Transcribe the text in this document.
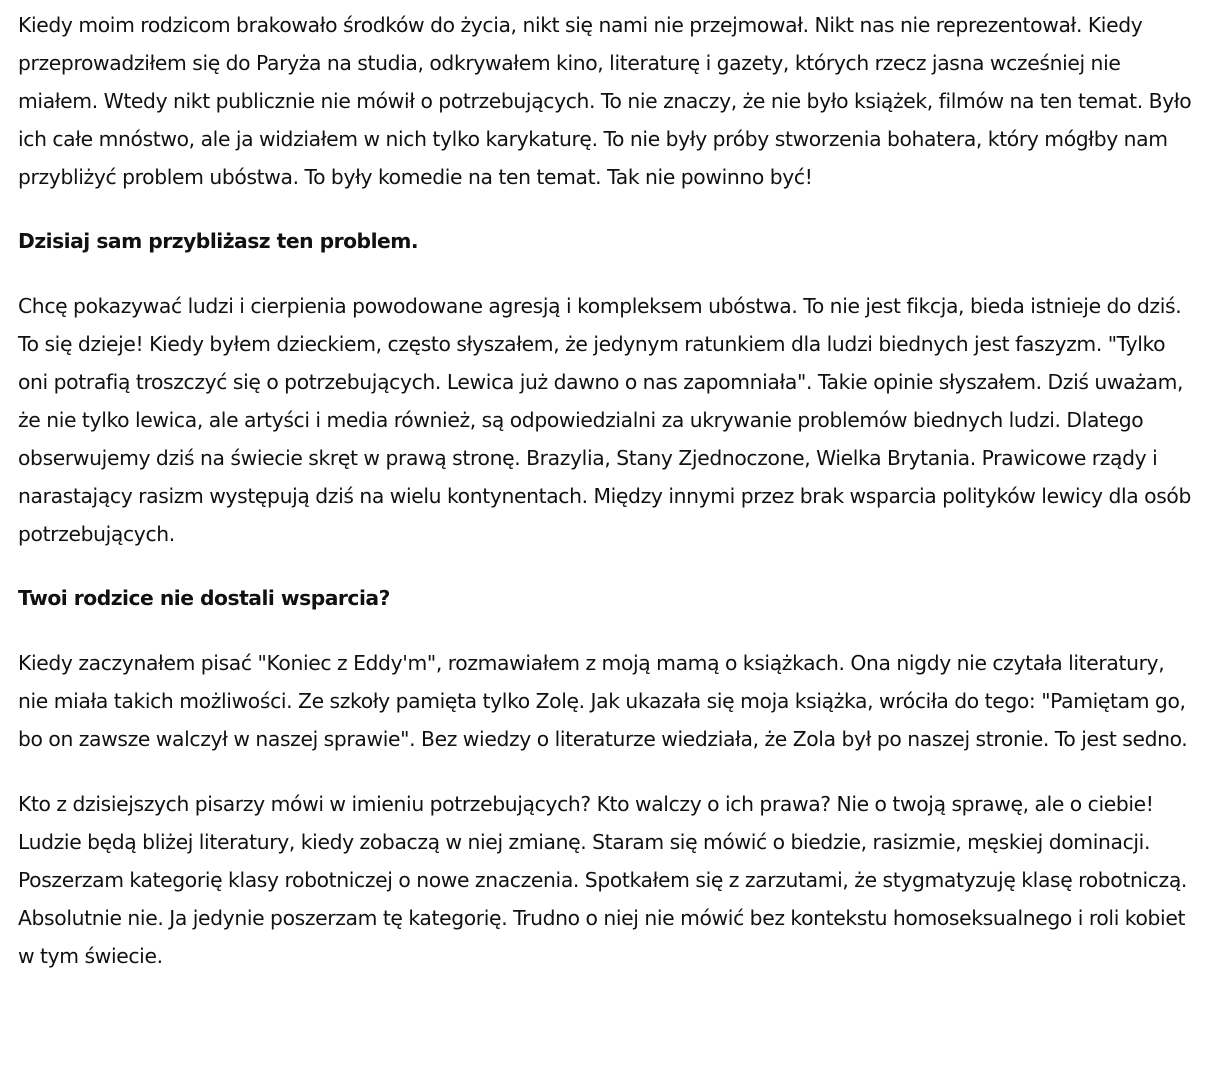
Kiedy moim rodzicom brakowało środków do życia, nikt się nami nie przejmował. Nikt nas nie reprezentował. Kiedy przeprowadziłem się do Paryża na studia, odkrywałem kino, literaturę i gazety, których rzecz jasna wcześniej nie miałem. Wtedy nikt publicznie nie mówił o potrzebujących. To nie znaczy, że nie było książek, filmów na ten temat. Było ich całe mnóstwo, ale ja widziałem w nich tylko karykaturę. To nie były próby stworzenia bohatera, który mógłby nam przybliżyć problem ubóstwa. To były komedie na ten temat. Tak nie powinno być!

Dzisiaj sam przybliżasz ten problem.

Chcę pokazywać ludzi i cierpienia powodowane agresją i kompleksem ubóstwa. To nie jest fikcja, bieda istnieje do dziś. To się dzieje! Kiedy byłem dzieckiem, często słyszałem, że jedynym ratunkiem dla ludzi biednych jest faszyzm. "Tylko oni potrafią troszczyć się o potrzebujących. Lewica już dawno o nas zapomniała". Takie opinie słyszałem. Dziś uważam, że nie tylko lewica, ale artyści i media również, są odpowiedzialni za ukrywanie problemów biednych ludzi. Dlatego obserwujemy dziś na świecie skręt w prawą stronę. Brazylia, Stany Zjednoczone, Wielka Brytania. Prawicowe rządy i narastający rasizm występują dziś na wielu kontynentach. Między innymi przez brak wsparcia polityków lewicy dla osób potrzebujących.

Twoi rodzice nie dostali wsparcia?

Kiedy zaczynałem pisać "Koniec z Eddy'm", rozmawiałem z moją mamą o książkach. Ona nigdy nie czytała literatury, nie miała takich możliwości. Ze szkoły pamięta tylko Zolę. Jak ukazała się moja książka, wróciła do tego: "Pamiętam go, bo on zawsze walczył w naszej sprawie". Bez wiedzy o literaturze wiedziała, że Zola był po naszej stronie. To jest sedno.

Kto z dzisiejszych pisarzy mówi w imieniu potrzebujących? Kto walczy o ich prawa? Nie o twoją sprawę, ale o ciebie! Ludzie będą bliżej literatury, kiedy zobaczą w niej zmianę. Staram się mówić o biedzie, rasizmie, męskiej dominacji. Poszerzam kategorię klasy robotniczej o nowe znaczenia. Spotkałem się z zarzutami, że stygmatyzuję klasę robotniczą. Absolutnie nie. Ja jedynie poszerzam tę kategorię. Trudno o niej nie mówić bez kontekstu homoseksualnego i roli kobiet w tym świecie.
